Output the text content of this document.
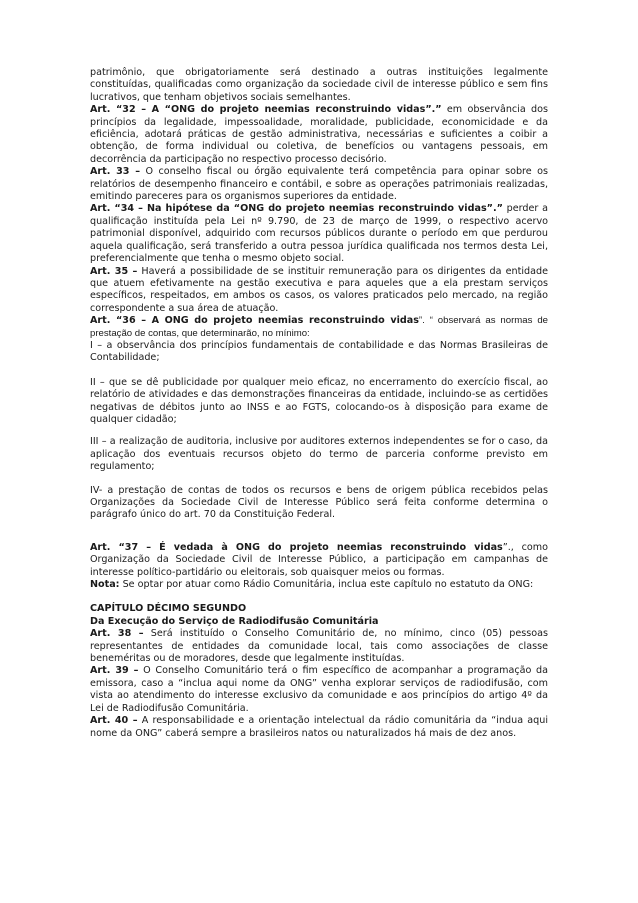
patrimônio, que obrigatoriamente será destinado a outras instituições legalmente constituídas, qualificadas como organização da sociedade civil de interesse público e sem fins lucrativos, que tenham objetivos sociais semelhantes.

Art. “32 – A “ONG do projeto neemias reconstruindo vidas”.” em observância dos princípios da legalidade, impessoalidade, moralidade, publicidade, economicidade e da eficiência, adotará práticas de gestão administrativa, necessárias e suficientes a coibir a obtenção, de forma individual ou coletiva, de benefícios ou vantagens pessoais, em decorrência da participação no respectivo processo decisório.

Art. 33 – O conselho fiscal ou órgão equivalente terá competência para opinar sobre os relatórios de desempenho financeiro e contábil, e sobre as operações patrimoniais realizadas, emitindo pareceres para os organismos superiores da entidade.

Art. “34 – Na hipótese da “ONG do projeto neemias reconstruindo vidas”.” perder a qualificação instituída pela Lei nº 9.790, de 23 de março de 1999, o respectivo acervo patrimonial disponível, adquirido com recursos públicos durante o período em que perdurou aquela qualificação, será transferido a outra pessoa jurídica qualificada nos termos desta Lei, preferencialmente que tenha o mesmo objeto social.

Art. 35 – Haverá a possibilidade de se instituir remuneração para os dirigentes da entidade que atuem efetivamente na gestão executiva e para aqueles que a ela prestam serviços específicos, respeitados, em ambos os casos, os valores praticados pelo mercado, na região correspondente a sua área de atuação.

Art. “36 – A ONG do projeto neemias reconstruindo vidas”. “ observará as normas de prestação de contas, que determinarão, no mínimo:

I – a observância dos princípios fundamentais de contabilidade e das Normas Brasileiras de Contabilidade;

II – que se dê publicidade por qualquer meio eficaz, no encerramento do exercício fiscal, ao relatório de atividades e das demonstrações financeiras da entidade, incluindo-se as certidões negativas de débitos junto ao INSS e ao FGTS, colocando-os à disposição para exame de qualquer cidadão;

III – a realização de auditoria, inclusive por auditores externos independentes se for o caso, da aplicação dos eventuais recursos objeto do termo de parceria conforme previsto em regulamento;

IV- a prestação de contas de todos os recursos e bens de origem pública recebidos pelas Organizações da Sociedade Civil de Interesse Público será feita conforme determina o parágrafo único do art. 70 da Constituição Federal.

Art. “37 – É vedada à ONG do projeto neemias reconstruindo vidas”., como Organização da Sociedade Civil de Interesse Público, a participação em campanhas de interesse político-partidário ou eleitorais, sob quaisquer meios ou formas.

Nota: Se optar por atuar como Rádio Comunitária, inclua este capítulo no estatuto da ONG:

CAPÍTULO DÉCIMO SEGUNDO

Da Execução do Serviço de Radiodifusão Comunitária

Art. 38 – Será instituído o Conselho Comunitário de, no mínimo, cinco (05) pessoas representantes de entidades da comunidade local, tais como associações de classe beneméritas ou de moradores, desde que legalmente instituídas.

Art. 39 – O Conselho Comunitário terá o fim específico de acompanhar a programação da emissora, caso a “inclua aqui nome da ONG” venha explorar serviços de radiodifusão, com vista ao atendimento do interesse exclusivo da comunidade e aos princípios do artigo 4º da Lei de Radiodifusão Comunitária.

Art. 40 – A responsabilidade e a orientação intelectual da rádio comunitária da “indua aqui nome da ONG” caberá sempre a brasileiros natos ou naturalizados há mais de dez anos.
